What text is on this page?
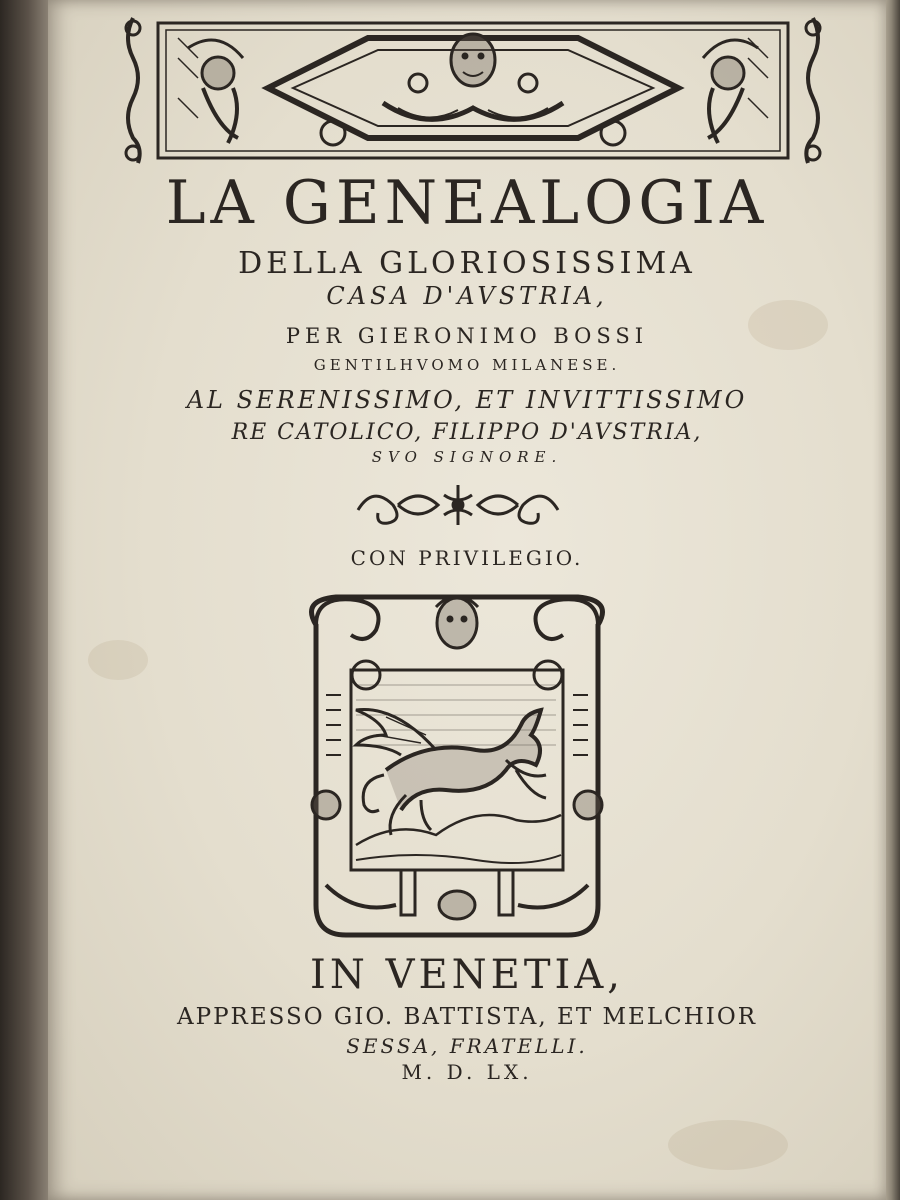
LA GENEALOGIA
DELLA GLORIOSISSIMA
CASA D'AVSTRIA,
PER GIERONIMO BOSSI
GENTILHVOMO MILANESE.
AL SERENISSIMO, ET INVITTISSIMO
RE CATOLICO, FILIPPO D'AVSTRIA,
SVO SIGNORE.
CON PRIVILEGIO.
IN VENETIA,
APPRESSO GIO. BATTISTA, ET MELCHIOR
SESSA, FRATELLI.
M. D. LX.
